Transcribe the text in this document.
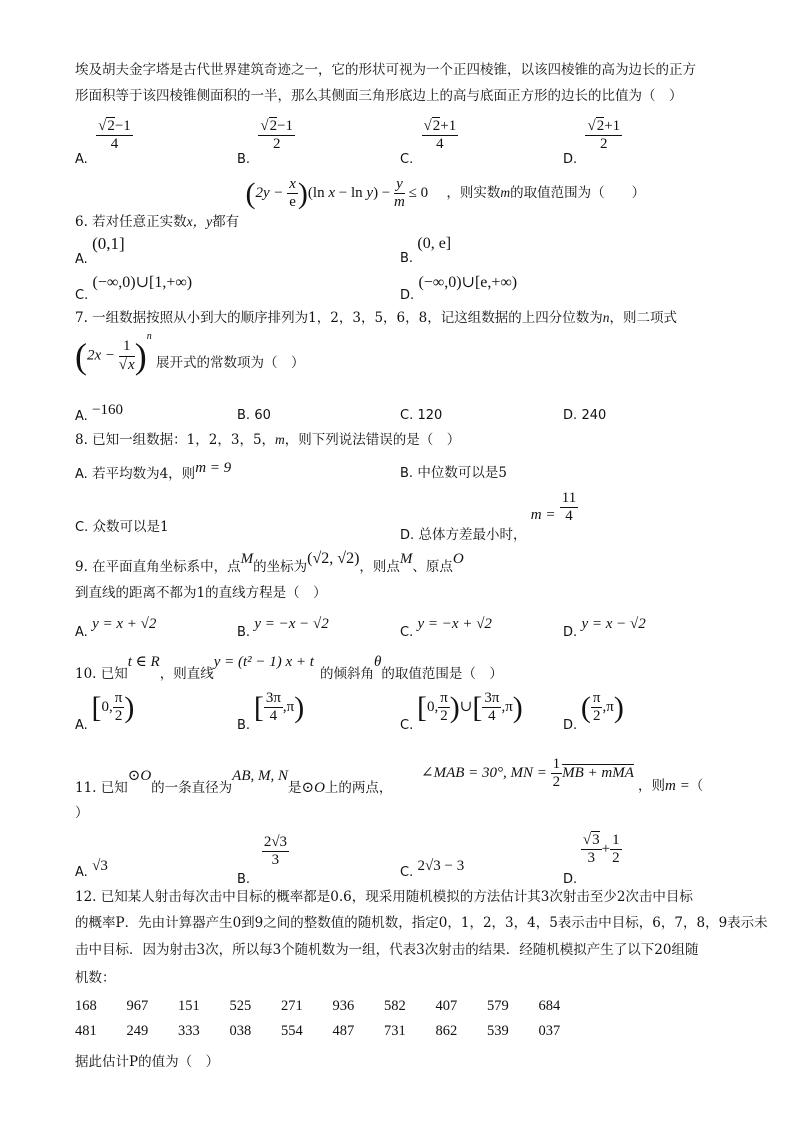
埃及胡夫金字塔是古代世界建筑奇迹之一，它的形状可视为一个正四棱锥，以该四棱锥的高为边长的正方
形面积等于该四棱锥侧面积的一半，那么其侧面三角形底边上的高与底面正方形的边长的比值为（　）
A.
$\frac{√2-1}{4}$
B.
$\frac{√2-1}{2}$
C.
$\frac{√2+1}{4}$
D.
$\frac{√2+1}{2}$
6. 若对任意正实数x，y都有 $(2y - \frac{x}{e} )(\ln$ $x - \ln y) - \frac{y}{m} \le 0$ ，则实数m的取值范围为（　　）
A. (0,1]
B. (0, e]
C. (−∞,0)∪[1,+∞)
D. (−∞,0)∪[e,+∞)
7. 一组数据按照从小到大的顺序排列为1，2，3，5，6，8，记这组数据的上四分位数为n，则二项式
$(2x - \frac{1}{√x} )^n$ 展开式的常数项为（　）
A. −160	B. 60	C. 120	D. 240
8. 已知一组数据：1，2，3，5，m，则下列说法错误的是（　）
A. 若平均数为4，则m = 9	B. 中位数可以是5
C. 众数可以是1
D. 总体方差最小时， $m = \frac{11}{4}$
9. 在平面直角坐标系中，点M的坐标为(√2, √2)，则点M、原点O
到直线的距离不都为1的直线方程是（　）
A. y = x + √2
B. y = −x − √2
C. y = −x + √2
D. y = x − √2
10. 已知t ∈ R，则直线y = (t² − 1) x + t的倾斜角θ的取值范围是（　）
A. [0, $\frac{\pi}{2}$ )
B. [ $\frac{3\pi}{4} ,\pi$)
C. [0, $\frac{\pi}{2}$ )∪[ $\frac{3\pi}{4} ,\pi$)
D. ( $\frac{\pi}{2} ,\pi$)
11. 已知⊙O的一条直径为AB, M, N是⊙O上的两点，
∠MAB = 30°, MN = $\frac{1}{2}$ MB + mMA
，则m =（
）
A. √3
B.
$\frac{2√3}{3}$
C. 2√3 − 3
D.
$\frac{√3}{3} + \frac{1}{2}$
12. 已知某人射击每次击中目标的概率都是0.6，现采用随机模拟的方法估计其3次射击至少2次击中目标
的概率P．先由计算器产生0到9之间的整数值的随机数，指定0，1，2，3，4，5表示击中目标，6，7，8，9表示未
击中目标．因为射击3次，所以每3个随机数为一组，代表3次射击的结果．经随机模拟产生了以下20组随
机数：
168 967 151 525 271 936 582 407 579 684
481 249 333 038 554 487 731 862 539 037
据此估计P的值为（　）
